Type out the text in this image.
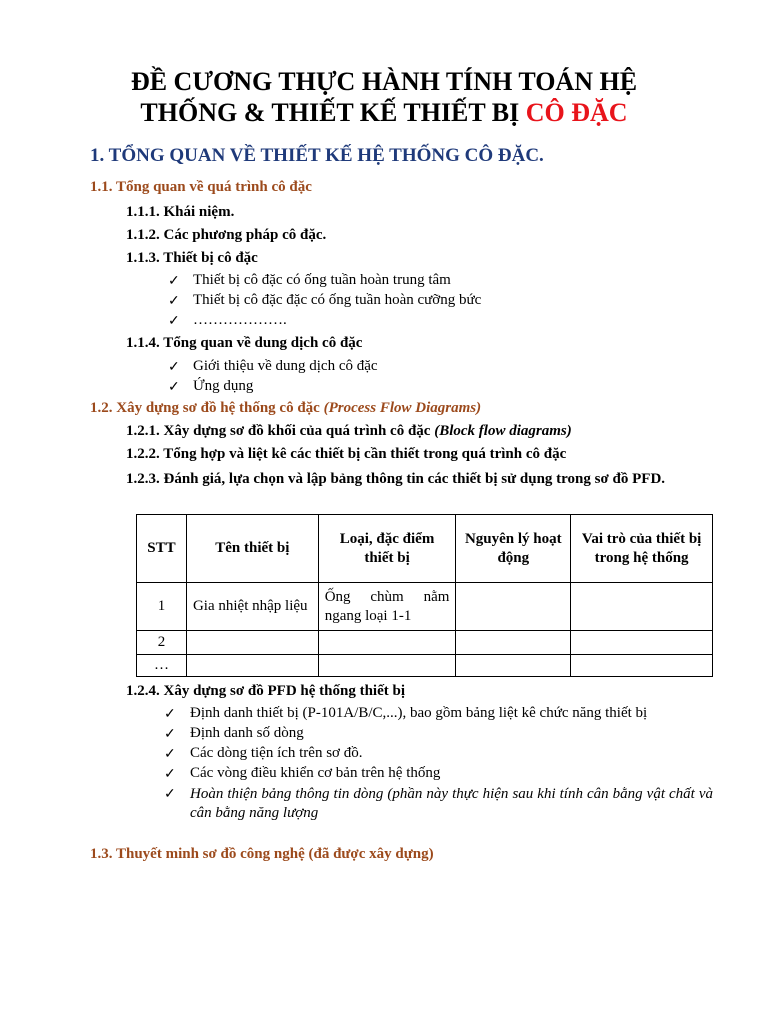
ĐỀ CƯƠNG THỰC HÀNH TÍNH TOÁN HỆ
THỐNG & THIẾT KẾ THIẾT BỊ CÔ ĐẶC
1. TỔNG QUAN VỀ THIẾT KẾ HỆ THỐNG CÔ ĐẶC.
1.1. Tổng quan về quá trình cô đặc
1.1.1. Khái niệm.
1.1.2. Các phương pháp cô đặc.
1.1.3. Thiết bị cô đặc
✓ Thiết bị cô đặc có ống tuần hoàn trung tâm
✓ Thiết bị cô đặc đặc có ống tuần hoàn cưỡng bức
✓ ……………….
1.1.4. Tổng quan về dung dịch cô đặc
✓ Giới thiệu về dung dịch cô đặc
✓ Ứng dụng
1.2. Xây dựng sơ đồ hệ thống cô đặc (Process Flow Diagrams)
1.2.1. Xây dựng sơ đồ khối của quá trình cô đặc (Block flow diagrams)
1.2.2. Tổng hợp và liệt kê các thiết bị cần thiết trong quá trình cô đặc
1.2.3. Đánh giá, lựa chọn và lập bảng thông tin các thiết bị sử dụng trong sơ đồ PFD.
STT	Tên thiết bị	Loại, đặc điểm thiết bị	Nguyên lý hoạt động	Vai trò của thiết bị trong hệ thống
1	Gia nhiệt nhập liệu	Ống chùm nằm ngang loại 1-1		
2				
…				
1.2.4. Xây dựng sơ đồ PFD hệ thống thiết bị
✓ Định danh thiết bị (P-101A/B/C,...), bao gồm bảng liệt kê chức năng thiết bị
✓ Định danh số dòng
✓ Các dòng tiện ích trên sơ đồ.
✓ Các vòng điều khiển cơ bản trên hệ thống
✓ Hoàn thiện bảng thông tin dòng (phần này thực hiện sau khi tính cân bằng vật chất và cân bằng năng lượng
1.3. Thuyết minh sơ đồ công nghệ (đã được xây dựng)
